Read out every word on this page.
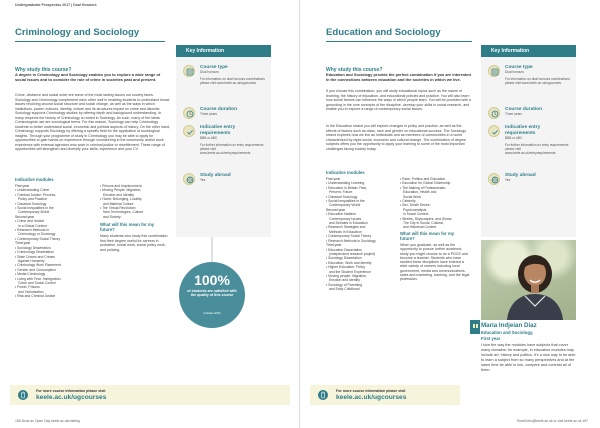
Undergraduate Prospectus 2017 | Dual Honours
Criminology and Sociology
Why study this course?
A degree in Criminology and Sociology enables you to explore a wide range of social issues and to consider the role of crime in societies past and present.
Crime, deviance and social order are some of the most lasting issues our society faces. Sociology and Criminology complement each other well in enabling students to understand broad issues revolving around social structure and social change, as well as the ways in which institutions, power, cultures, identity, culture and its structures impact on crime and disorder. Sociology supports Criminology studies by offering depth and background understanding. In many respects the history of Criminology is rooted in Sociology. As such, many of the ideas Criminologists use are sociological terms. For this reason, Sociology can help Criminology students to better understand social, economic and political aspects of history. On the other hand, Criminology supports Sociology by offering a specific field for the application of sociological insights. Through your programme of study in Criminology you may be able to apply for opportunities to gain hands-on experience through volunteering in the community and/or work experience with external agencies who work in criminal justice or resettlement. These range of opportunities will strengthen and diversify your skills, experience and your CV.
Indicative modules
First year
• Understanding Crime
• Criminal Justice: Process,
Policy and Practice
• Classical Sociology
• Social Inequalities in the
Contemporary World
Second year
• Crime and Justice
in a Global Context
• Research Methods in
Criminology or Sociology
• Contemporary Social Theory
Third year
• Sociology Dissertation
• Criminology Dissertation
• State Crimes and Crimes
Against Humanity
• Criminology Work Placement
• Gender and Consumption
• Media Criminology
• Living with Fear: Immigration,
Crime and Social Control
• Power, Prisons
and Victimisation
• Risk and Criminal Justice
• Prisons and Imprisonment
• Moving People: Migration,
Emotion and Identity
• Home: Belonging, Locality
and Material Culture
• The Virtual Revolution:
New Technologies, Culture
and Society
What will this mean for my future?
Many students who study this combination find their degree useful for careers in probation, social work, social policy work, and policing.
Key Information
Course type
Dual honours
For information on dual honours combinations please visit www.keele.ac.uk/ugcourses
Course duration
Three years
Indicative entry requirements
BBB or ABC
For further information on entry requirements please visit www.keele.ac.uk/entryrequirements
Study abroad
Yes
100%
of students are satisfied with the quality of this course
(Unistats 2015)
For more course information please visit
keele.ac.uk/ugcourses
166 Book an Open Day keele.ac.uk/visiting
Education and Sociology
Why study this course?
Education and Sociology provide the perfect combination if you are interested in the connections between education and the societies in which we live.
If you choose this combination, you will study educational topics such as the nature of learning, the history of education, and educational policies and practice. You will also learn how social factors can influence the ways in which people learn. You will be provided with a grounding in the core concepts of the discipline, develop your skills in social research, and enable you to explore a range of contemporary social issues.
In the Education strand you will explore changes in policy and practice, as well as the effects of factors such as class, race and gender on educational success. The Sociology strand explores how we live as individuals and as members of communities in a world characterised by rapid social, economic and cultural change. The combination of degree subjects offers you the opportunity to apply your learning to some of the most important challenges facing society today.
Indicative modules
First year
• Understanding Learning
• Education in Britain: Past,
Present, Future
• Classical Sociology
• Social Inequalities in the
Contemporary World
Second year
• Education Matters:
Contemporary Issues
and Debates in Education
• Research Strategies and
Methods in Education
• Contemporary Social Theory
• Research Methods in Sociology
Third year
• Education Dissertation
(independent research project)
• Sociology Dissertation
• Education, Work and Identity
• Higher Education: Policy
and the Student Experience
• Moving people: Migration,
Emotion and Identity
• Sociology of Parenting
and Early Childhood
• Race, Politics and Education
• Education for Global Citizenship
• The Making of Professionals:
Education, Health and
Social Work
• Celebrity
• Sex, Death Desire:
Psychoanalysis
in Social Context
• Streets, Skyscrapers, and Slums:
The City in Social, Cultural,
and Historical Context
What will this mean for my future?
When you graduate, as well as the opportunity to pursue further academic study you might choose to do a PGCE and become a teacher. Students who have studied these disciplines have entered a wide variety of careers including local government, media and communications, sales and marketing, banking, and the legal profession.
Key Information
Course type
Dual honours
For information on dual honours combinations please visit www.keele.ac.uk/ugcourses
Course duration
Three years
Indicative entry requirements
BBB or ABC
For further information on entry requirements please visit www.keele.ac.uk/entryrequirements
Study abroad
Yes
Maria Indjeian Diaz
Education and Sociology,
First year
I love the way the modules have subjects that cover many domains; for example, in education modules may include art, history and politics. It's a nice way to be able to learn a subject from so many perspectives and at the same time be able to link, compare and contrast all of them.
For more course information please visit
keele.ac.uk/ugcourses
Email info@keele.ac.uk or visit keele.ac.uk 167
